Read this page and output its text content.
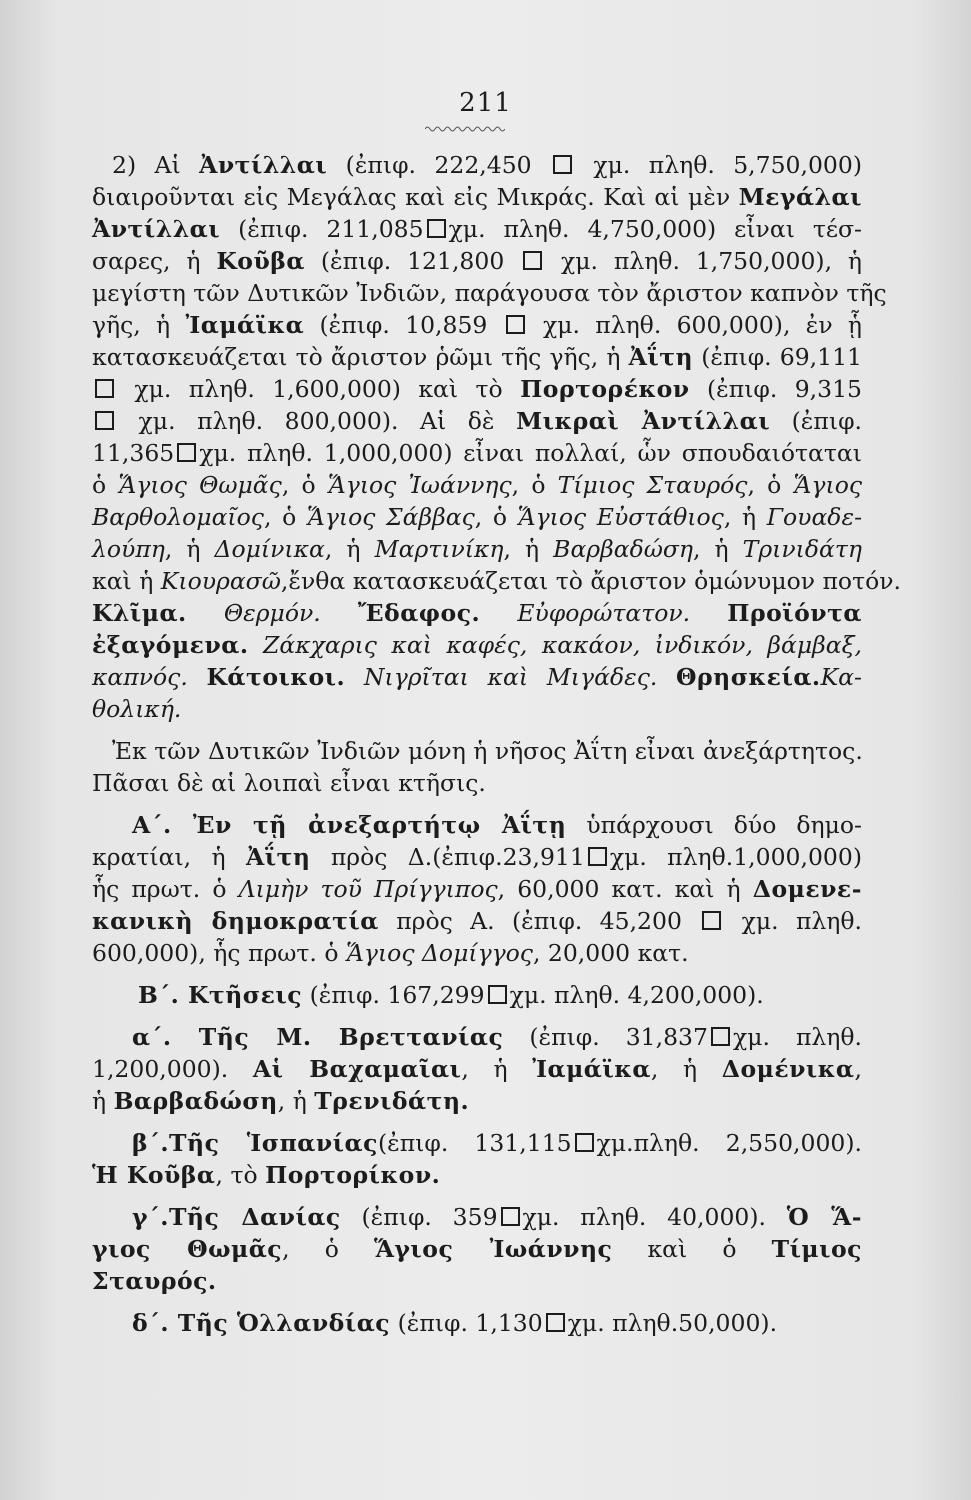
211
2) Αἱ Ἀντίλλαι (ἐπιφ. 222,450  χμ. πληθ. 5,750,000)
διαιροῦνται εἰς Μεγάλας καὶ εἰς Μικράς. Καὶ αἱ μὲν Μεγάλαι
Ἀντίλλαι (ἐπιφ. 211,085 χμ. πληθ. 4,750,000) εἶναι τέσ-
σαρες, ἡ Κοῦβα (ἐπιφ. 121,800  χμ. πληθ. 1,750,000), ἡ
μεγίστη τῶν Δυτικῶν Ἰνδιῶν, παράγουσα τὸν ἄριστον καπνὸν τῆς
γῆς, ἡ Ἰαμάϊκα (ἐπιφ. 10,859  χμ. πληθ. 600,000), ἐν ᾗ
κατασκευάζεται τὸ ἄριστον ῥῶμι τῆς γῆς, ἡ Ἀΐτη (ἐπιφ. 69,111
χμ. πληθ. 1,600,000) καὶ τὸ Πορτορέκον (ἐπιφ. 9,315
χμ. πληθ. 800,000). Αἱ δὲ Μικραὶ Ἀντίλλαι (ἐπιφ.
11,365 χμ. πληθ. 1,000,000) εἶναι πολλαί, ὧν σπουδαιόταται
ὁ Ἅγιος Θωμᾶς, ὁ Ἅγιος Ἰωάννης, ὁ Τίμιος Σταυρός, ὁ Ἅγιος
Βαρθολομαῖος, ὁ Ἅγιος Σάββας, ὁ Ἅγιος Εὐστάθιος, ἡ Γουαδε-
λούπη, ἡ Δομίνικα, ἡ Μαρτινίκη, ἡ Βαρβαδώση, ἡ Τρινιδάτη
καὶ ἡ Κιουρασῶ,ἔνθα κατασκευάζεται τὸ ἄριστον ὁμώνυμον ποτόν.
Κλῖμα. Θερμόν. Ἔδαφος. Εὐφορώτατον. Προϊόντα
ἐξαγόμενα. Ζάκχαρις καὶ καφές, κακάον, ἰνδικόν, βάμβαξ,
καπνός. Κάτοικοι. Νιγρῖται καὶ Μιγάδες. Θρησκεία.Κα-
θολική.
Ἐκ τῶν Δυτικῶν Ἰνδιῶν μόνη ἡ νῆσος Ἀΐτη εἶναι ἀνεξάρτητος.
Πᾶσαι δὲ αἱ λοιπαὶ εἶναι κτῆσις.
Α΄. Ἐν τῇ ἀνεξαρτήτῳ Ἀΐτῃ ὑπάρχουσι δύο δημο-
κρατίαι, ἡ Ἀΐτη πρὸς Δ.(ἐπιφ.23,911 χμ. πληθ.1,000,000)
ἧς πρωτ. ὁ Λιμὴν τοῦ Πρίγγιπος, 60,000 κατ. καὶ ἡ Δομενε-
κανικὴ δημοκρατία πρὸς Α. (ἐπιφ. 45,200  χμ. πληθ.
600,000), ἧς πρωτ. ὁ Ἅγιος Δομίγγος, 20,000 κατ.
Β΄. Κτῆσεις (ἐπιφ. 167,299 χμ. πληθ. 4,200,000).
α΄. Τῆς Μ. Βρεττανίας (ἐπιφ. 31,837 χμ. πληθ.
1,200,000). Αἱ Βαχαμαῖαι, ἡ Ἰαμάϊκα, ἡ Δομένικα,
ἡ Βαρβαδώση, ἡ Τρενιδάτη.
β΄.Τῆς Ἱσπανίας(ἐπιφ. 131,115 χμ.πληθ. 2,550,000).
Ἡ Κοῦβα, τὸ Πορτορίκον.
γ΄.Τῆς Δανίας (ἐπιφ. 359 χμ. πληθ. 40,000). Ὁ Ἅ-
γιος Θωμᾶς, ὁ Ἅγιος Ἰωάννης καὶ ὁ Τίμιος
Σταυρός.
δ΄. Τῆς Ὁλλανδίας (ἐπιφ. 1,130 χμ. πληθ.50,000).
